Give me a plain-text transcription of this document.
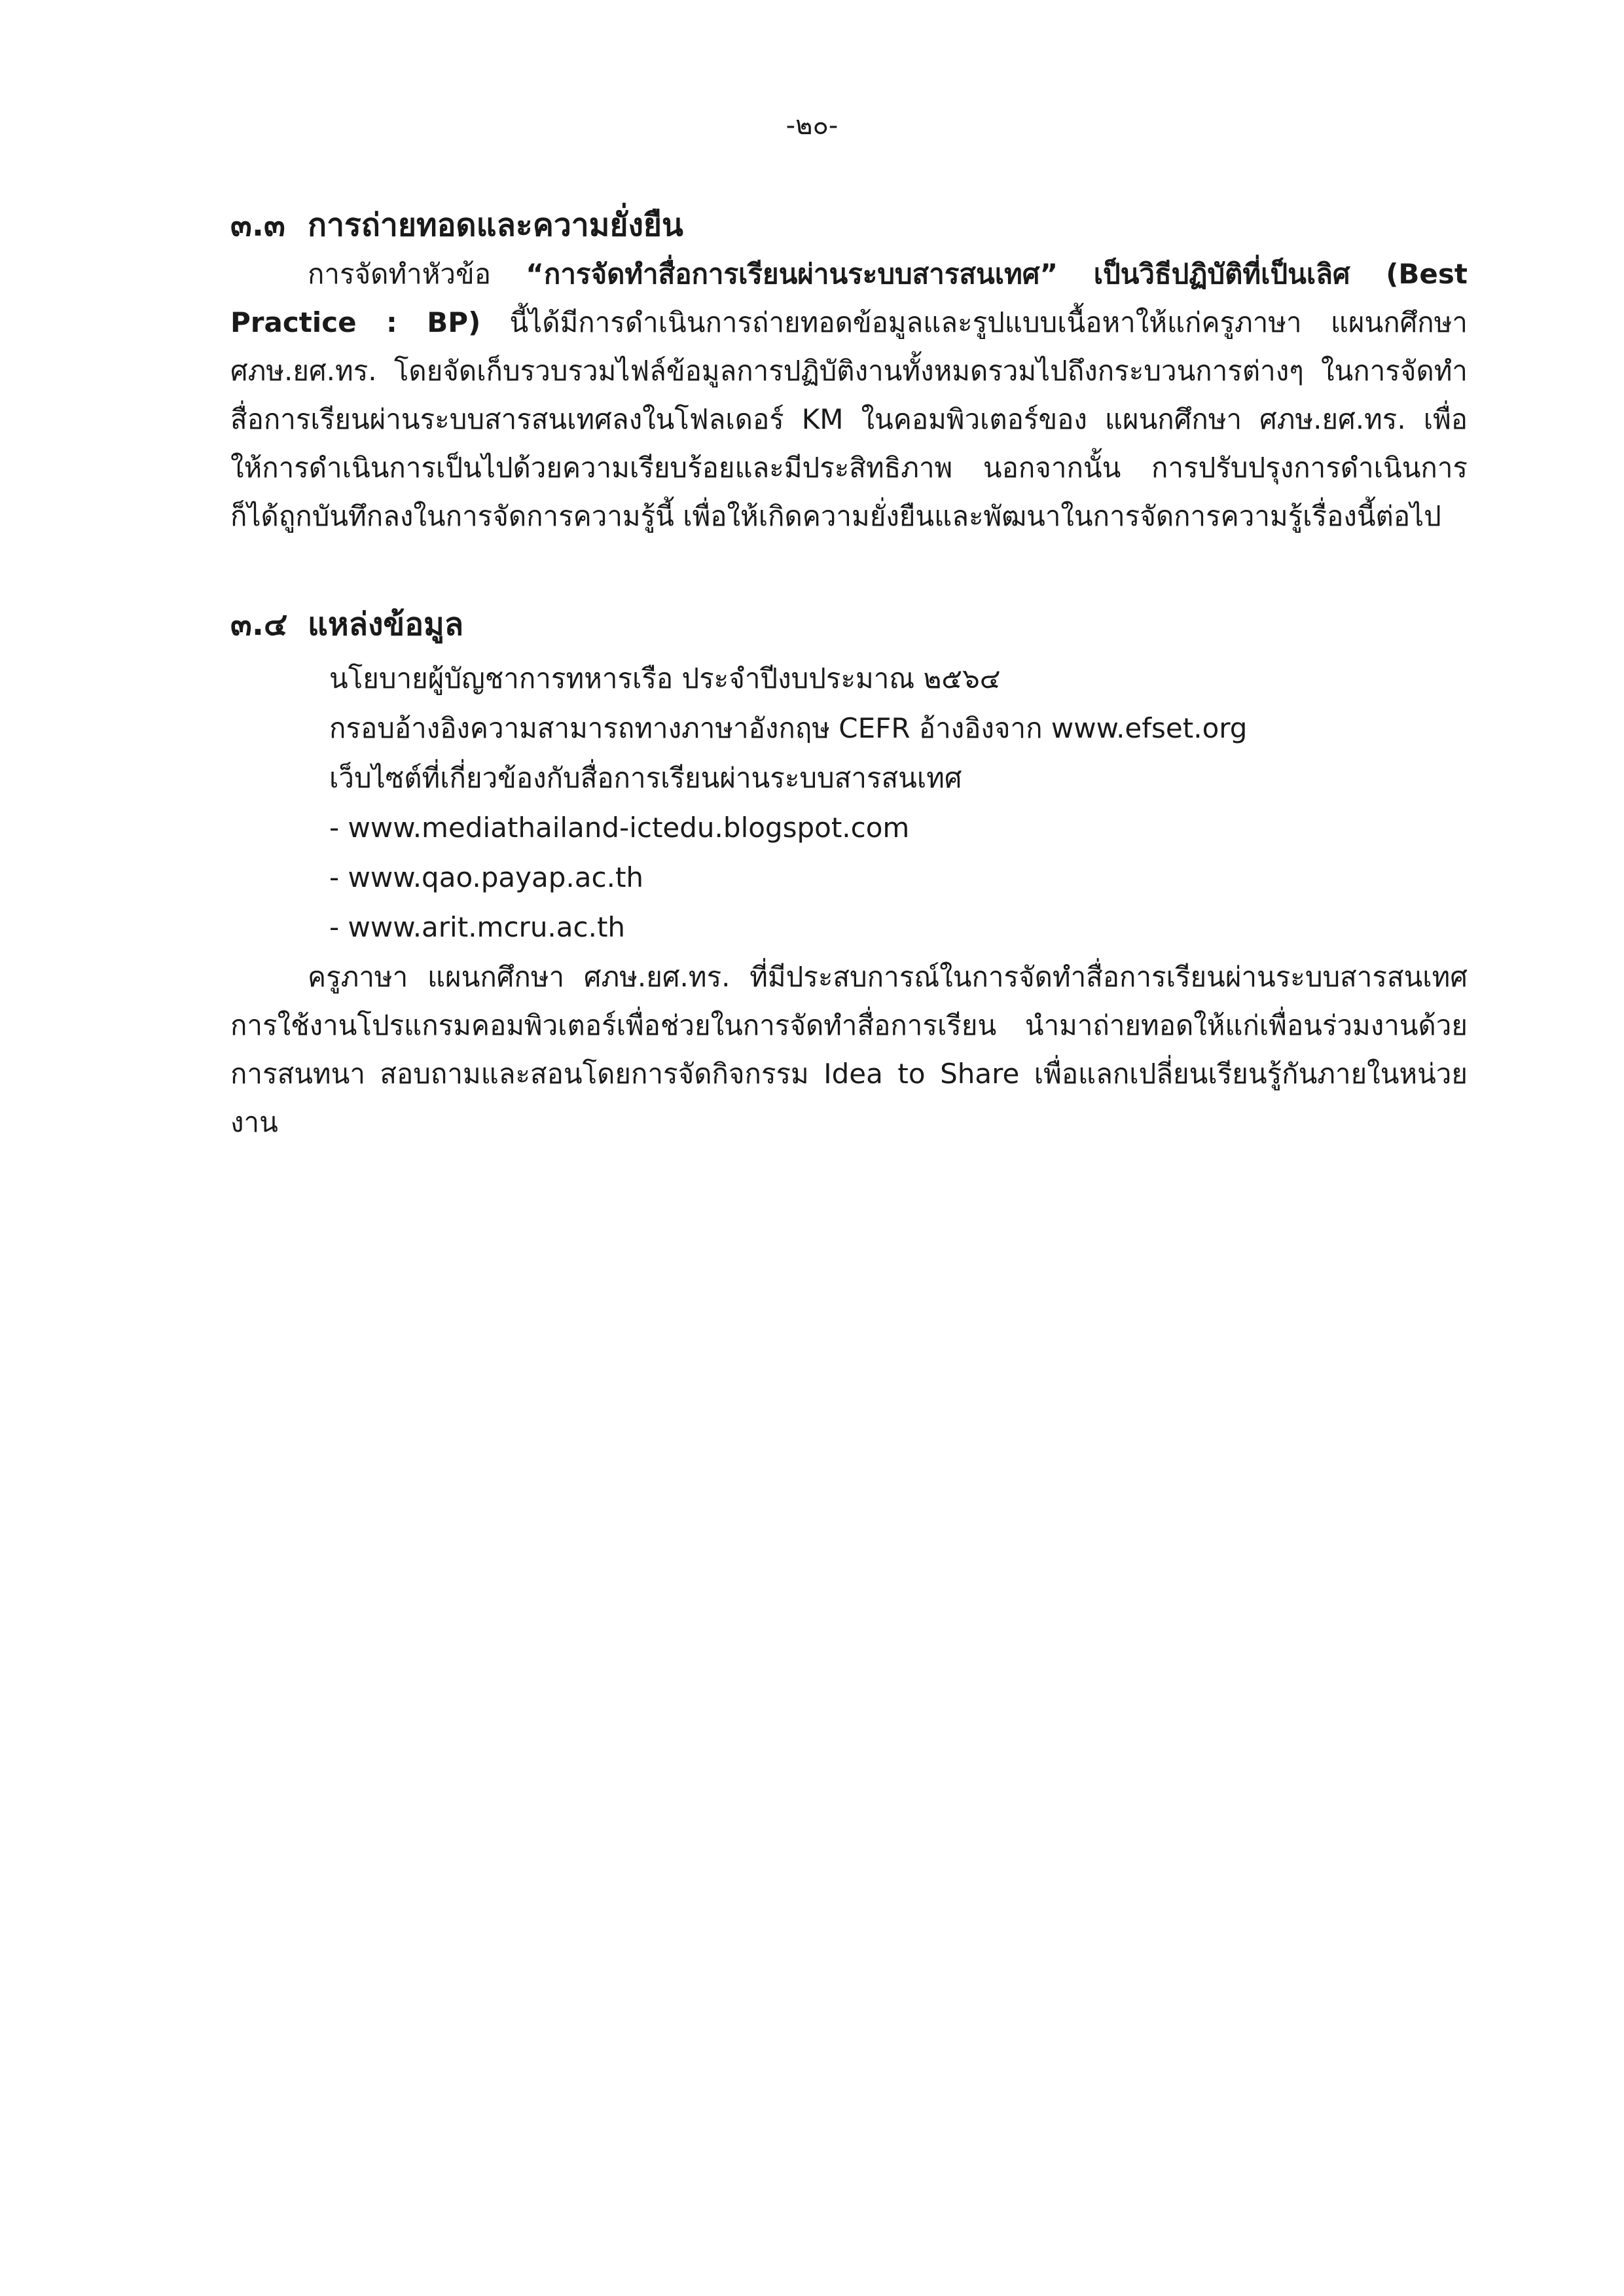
-๒๐-
๓.๓ การถ่ายทอดและความยั่งยืน
การจัดทำหัวข้อ “การจัดทำสื่อการเรียนผ่านระบบสารสนเทศ” เป็นวิธีปฏิบัติที่เป็นเลิศ (Best Practice : BP) นี้ได้มีการดำเนินการถ่ายทอดข้อมูลและรูปแบบเนื้อหาให้แก่ครูภาษา แผนกศึกษา ศภษ.ยศ.ทร. โดยจัดเก็บรวบรวมไฟล์ข้อมูลการปฏิบัติงานทั้งหมดรวมไปถึงกระบวนการต่างๆ ในการจัดทำสื่อการเรียนผ่านระบบสารสนเทศลงในโฟลเดอร์ KM ในคอมพิวเตอร์ของ แผนกศึกษา ศภษ.ยศ.ทร. เพื่อให้การดำเนินการเป็นไปด้วยความเรียบร้อยและมีประสิทธิภาพ นอกจากนั้น การปรับปรุงการดำเนินการก็ได้ถูกบันทึกลงในการจัดการความรู้นี้ เพื่อให้เกิดความยั่งยืนและพัฒนาในการจัดการความรู้เรื่องนี้ต่อไป
๓.๔ แหล่งข้อมูล
นโยบายผู้บัญชาการทหารเรือ ประจำปีงบประมาณ ๒๕๖๔
กรอบอ้างอิงความสามารถทางภาษาอังกฤษ CEFR อ้างอิงจาก www.efset.org
เว็บไซต์ที่เกี่ยวข้องกับสื่อการเรียนผ่านระบบสารสนเทศ
- www.mediathailand-ictedu.blogspot.com
- www.qao.payap.ac.th
- www.arit.mcru.ac.th
ครูภาษา แผนกศึกษา ศภษ.ยศ.ทร. ที่มีประสบการณ์ในการจัดทำสื่อการเรียนผ่านระบบสารสนเทศ การใช้งานโปรแกรมคอมพิวเตอร์เพื่อช่วยในการจัดทำสื่อการเรียน นำมาถ่ายทอดให้แก่เพื่อนร่วมงานด้วยการสนทนา สอบถามและสอนโดยการจัดกิจกรรม Idea to Share เพื่อแลกเปลี่ยนเรียนรู้กันภายในหน่วยงาน
